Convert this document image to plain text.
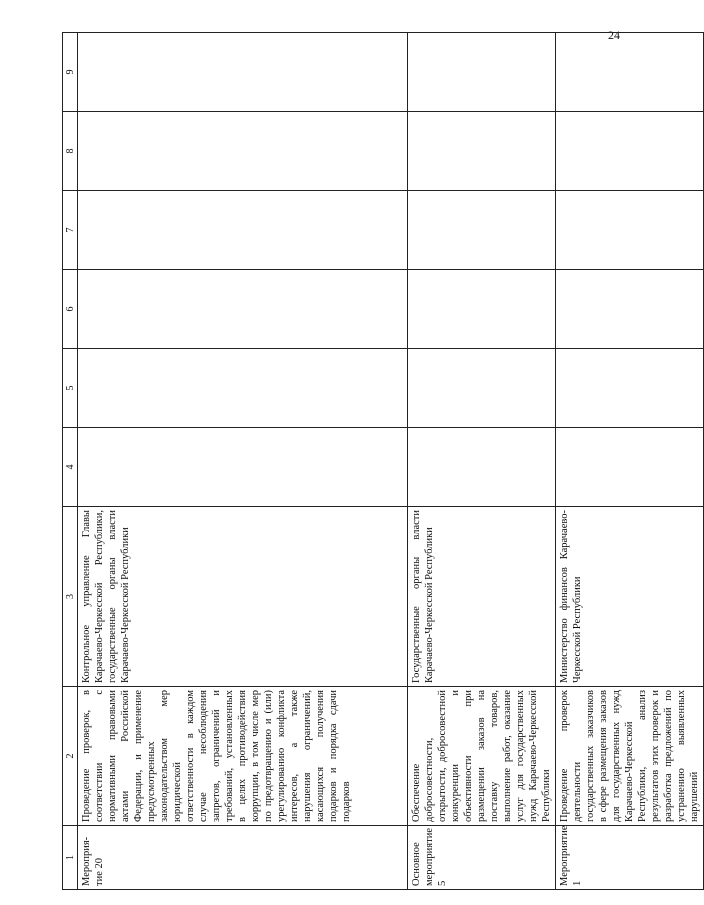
24
1	2	3	4	5	6	7	8	9
Мероприя-
тие 20	Проведение проверок, в соответствии с нормативными правовыми актами Российской Федерации, и применение предусмотренных законодательством мер юридической ответственности в каждом случае несоблюдения запретов, ограничений и требований, установленных в целях противодействия коррупции, в том числе мер по предотвращению и (или) урегулированию конфликта интересов, а также нарушения ограничений, касающихся получения подарков и порядка сдачи подарков	Контрольное управление Главы Карачаево-Черкесской Республики, государственные органы власти Карачаево-Черкесской Республики						
Основное мероприятие 5	Обеспечение добросовестности, открытости, добросовестной конкуренции и объективности при размещении заказов на поставку товаров, выполнение работ, оказание услуг для государственных нужд Карачаево-Черкесской Республики	Государственные органы власти Карачаево-Черкесской Республики						
Мероприятие 1	Проведение проверок деятельности государственных заказчиков в сфере размещения заказов для государственных нужд Карачаево-Черкесской Республики, анализ результатов этих проверок и разработка предложений по устранению выявленных нарушений	Министерство финансов Карачаево-Черкесской Республики						
